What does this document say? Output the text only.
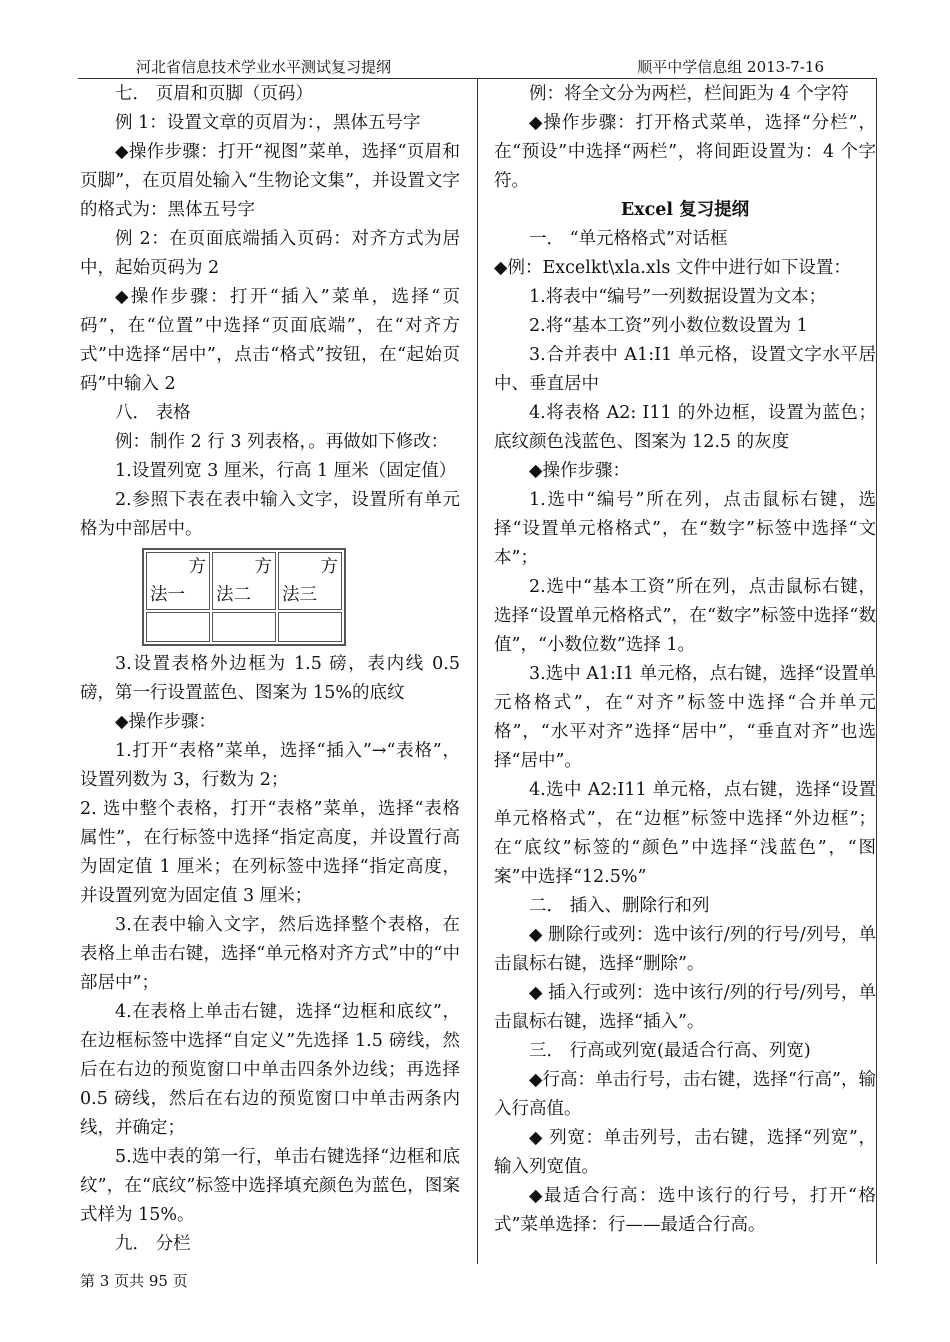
河北省信息技术学业水平测试复习提纲	顺平中学信息组 2013-7-16

七． 页眉和页脚（页码）

例 1：设置文章的页眉为：，黑体五号字

◆操作步骤：打开“视图”菜单，选择“页眉和页脚”，在页眉处输入“生物论文集”，并设置文字的格式为：黑体五号字

例 2：在页面底端插入页码：对齐方式为居中，起始页码为 2

◆操作步骤：打开“插入”菜单，选择“页码”，在“位置”中选择“页面底端”，在“对齐方式”中选择“居中”，点击“格式”按钮，在“起始页码”中输入 2

八． 表格

例：制作 2 行 3 列表格，。再做如下修改：

1.设置列宽 3 厘米，行高 1 厘米（固定值）

2.参照下表在表中输入文字，设置所有单元格为中部居中。

方
法一	方
法二	方
法三

3.设置表格外边框为 1.5 磅，表内线 0.5 磅，第一行设置蓝色、图案为 15%的底纹

◆操作步骤：

1.打开“表格”菜单，选择“插入”→“表格”，设置列数为 3，行数为 2；

2. 选中整个表格，打开“表格”菜单，选择“表格属性”，在行标签中选择“指定高度，并设置行高为固定值 1 厘米；在列标签中选择“指定高度，并设置列宽为固定值 3 厘米；

3.在表中输入文字，然后选择整个表格，在表格上单击右键，选择“单元格对齐方式”中的“中部居中”；

4.在表格上单击右键，选择“边框和底纹”，在边框标签中选择“自定义”先选择 1.5 磅线，然后在右边的预览窗口中单击四条外边线；再选择 0.5 磅线，然后在右边的预览窗口中单击两条内线，并确定；

5.选中表的第一行，单击右键选择“边框和底纹”，在“底纹”标签中选择填充颜色为蓝色，图案式样为 15%。

九． 分栏

例：将全文分为两栏，栏间距为 4 个字符

◆操作步骤：打开格式菜单，选择“分栏”，在“预设”中选择“两栏”，将间距设置为：4 个字符。

Excel 复习提纲

一． “单元格格式”对话框

◆例：Excelkt\xla.xls 文件中进行如下设置：

1.将表中“编号”一列数据设置为文本；

2.将“基本工资”列小数位数设置为 1

3.合并表中 A1:I1 单元格，设置文字水平居中、垂直居中

4.将表格 A2: I11 的外边框，设置为蓝色；底纹颜色浅蓝色、图案为 12.5 的灰度

◆操作步骤：

1.选中“编号”所在列，点击鼠标右键，选择“设置单元格格式”，在“数字”标签中选择“文本”；

2.选中“基本工资”所在列，点击鼠标右键，选择“设置单元格格式”，在“数字”标签中选择“数值”，“小数位数”选择 1。

3.选中 A1:I1 单元格，点右键，选择“设置单元格格式”，在“对齐”标签中选择“合并单元格”，“水平对齐”选择“居中”，“垂直对齐”也选择“居中”。

4.选中 A2:I11 单元格，点右键，选择“设置单元格格式”，在“边框”标签中选择“外边框”；在“底纹”标签的“颜色”中选择“浅蓝色”，“图案”中选择“12.5%”

二． 插入、删除行和列

◆ 删除行或列：选中该行/列的行号/列号，单击鼠标右键，选择“删除”。

◆ 插入行或列：选中该行/列的行号/列号，单击鼠标右键，选择“插入”。

三． 行高或列宽(最适合行高、列宽)

◆行高：单击行号，击右键，选择“行高”，输入行高值。

◆ 列宽：单击列号，击右键，选择“列宽”，输入列宽值。

◆最适合行高：选中该行的行号，打开“格式”菜单选择：行——最适合行高。

第 3 页共 95 页
